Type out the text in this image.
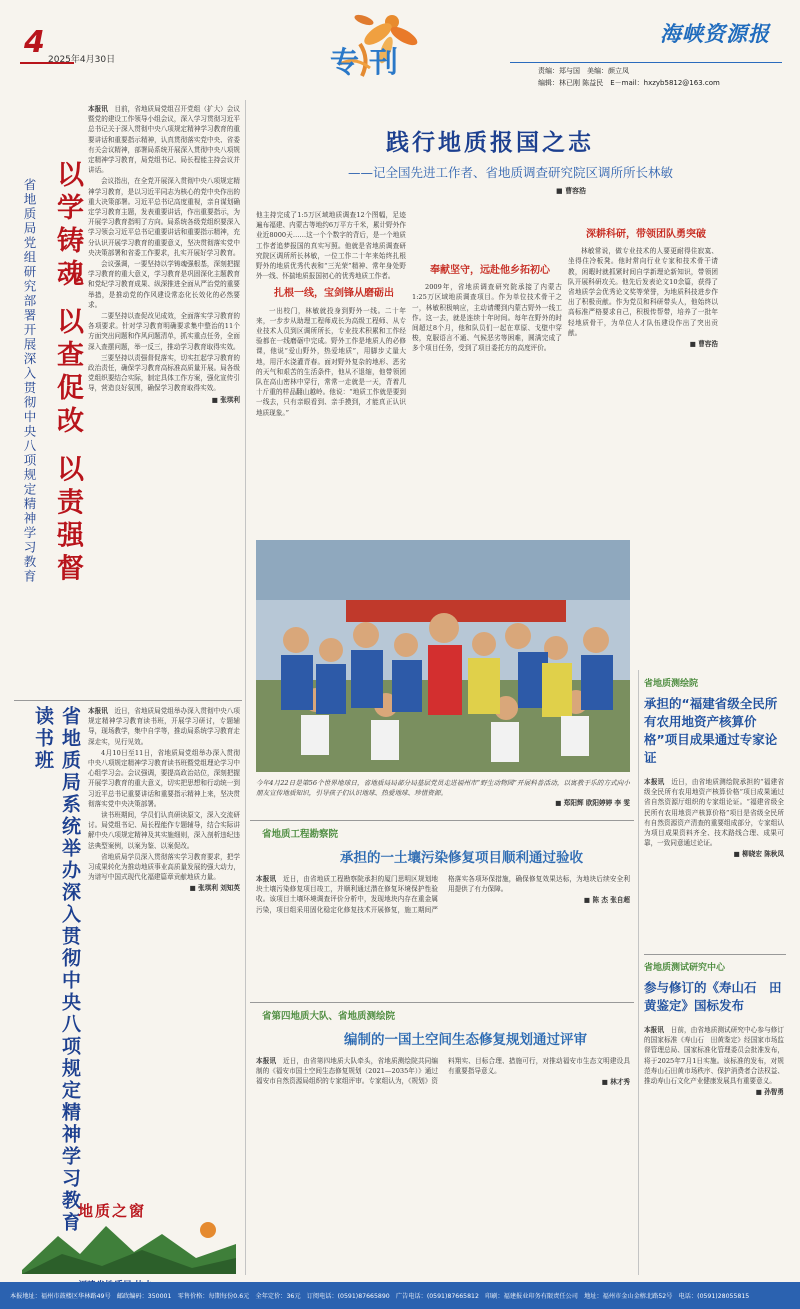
4 2025年4月30日	专刊
海峡资源报
责编：郑与国　美编：颜立凤
编辑：林已刚 陈益民　E－mail：hxzyb5812@163.com

本报讯　 目前，省地质局党组召开党组（扩大）会议暨党的建设工作领导小组会议，深入学习贯彻习近平总书记关于深入贯彻中央八项规定精神学习教育的重要讲话和重要指示精神，认真贯彻落实党中央、省委有关会议精神，部署局系统开展深入贯彻中央八项规定精神学习教育，局党组书记、局长程能主持会议并讲话。

会议指出，在全党开展深入贯彻中央八项规定精神学习教育，是以习近平同志为核心的党中央作出的重大决策部署。习近平总书记高度重视，亲自谋划确定学习教育主题，发表重要讲话，作出重要指示，为开展学习教育指明了方向。局系统各级党组织要深入学习领会习近平总书记重要讲话和重要指示精神，充分认识开展学习教育的重要意义，坚决贯彻落实党中央决策部署和省委工作要求，扎实开展好学习教育。

会议强调，一要坚持以学铸魂强根基，深刻把握学习教育的重大意义，学习教育是巩固深化主题教育和党纪学习教育成果、纵深推进全面从严治党的重要举措，是推动党的作风建设常态化长效化的必然要求。

二要坚持以查促改见成效，全面落实学习教育的各项要求。针对学习教育明确要求集中整治的11个方面突出问题和作风问题清单，抓实重点任务，全面深入查摆问题，举一反三，推动学习教育取得实效。

三要坚持以责强督促落实，切实扛起学习教育的政治责任，确保学习教育高标准高质量开展。局各级党组织要结合实际，制定具体工作方案，强化宣传引导，营造良好氛围，确保学习教育取得实效。

■ 张琪利
以学铸魂 以查促改 以责强督
省地质局党组研究部署开展深入贯彻中央八项规定精神学习教育

本报讯　 近日，省地质局党组举办深入贯彻中央八项规定精神学习教育读书班，开展学习研讨，专题辅导，现场教学，集中自学等，推动局系统学习教育走深走实，见行见效。

4月10日至11日，省地质局党组举办深入贯彻中央八项规定精神学习教育读书班暨党组理论学习中心组学习会。会议强调，要提高政治站位，深刻把握开展学习教育的重大意义，切实把思想和行动统一到习近平总书记重要讲话和重要指示精神上来，坚决贯彻落实党中央决策部署。

读书班期间，学员们认真研读原文，深入交流研讨。局党组书记、局长程能作专题辅导，结合实际讲解中央八项规定精神及其实施细则，深入剖析违纪违法典型案例，以案为鉴、以案促改。

省地质局学员深入贯彻落实学习教育要求，把学习成果转化为推动地质事业高质量发展的强大动力，为谱写中国式现代化福建篇章贡献地质力量。

■ 张琪利 刘知英
省地质局系统举办深入贯彻中央八项规定精神学习教育读书班
地质之窗
践行地质报国之志
——记全国先进工作者、省地质调查研究院区调所所长林敏
■ 曹容浩

他主持完成了1:5万区域地质调查12个图幅，足迹遍布福建、内蒙古等地约6万平方千米，累计野外作业近8000天……这一个个数字的背后，是一个地质工作者追梦报国的真实写照。他就是省地质调查研究院区调所所长林敏，一位工作二十年来始终扎根野外的地质优秀代表和“三光荣”精神、常年身处野外一线、怀揣地质报国初心的优秀地质工作者。

扎根一线，宝剑锋从磨砺出

一出校门，林敏就投身到野外一线。二十年来，一步步从助理工程师成长为高级工程师、从专业技术人员到区调所所长，专业技术积累和工作经验都在一线磨砺中完成。野外工作是地质人的必修课，他说“爱山野外，热爱地质”，用脚步丈量大地，用汗水浇灌青春。面对野外复杂的地形、恶劣的天气和艰苦的生活条件，他从不退缩，他带领团队在高山密林中穿行，常常一走就是一天，背着几十斤重的样品翻山越岭。他说：“地质工作就是要到一线去，只有亲眼看到、亲手摸到，才能真正认识地质现象。”

奉献坚守，远赴他乡拓初心

2009年，省地质调查研究院承接了内蒙古1:25万区域地质调查项目。作为单位技术骨干之一，林敏积极响应，主动请缨到内蒙古野外一线工作。这一去，就是连续十年时间。每年在野外的时间超过8个月，他和队员们一起在草原、戈壁中穿梭，克服语言不通、气候恶劣等困难，圆满完成了多个项目任务，受到了项目委托方的高度评价。

深耕科研，带领团队勇突破

林敏常说，做专业技术的人要更耐得住寂寞、坐得住冷板凳。他时常向行业专家和技术骨干请教，闲暇时就抓紧时间自学新理论新知识，带领团队开展科研攻关。他先后发表论文10余篇，获得了省地质学会优秀论文奖等荣誉，为地质科技进步作出了积极贡献。作为党员和科研带头人，他始终以高标准严格要求自己，积极传帮带，培养了一批年轻地质骨干，为单位人才队伍建设作出了突出贡献。

■ 曹容浩
今年4月22日是第56个世界地球日，省地质局局部分局基层党员走进福州市“野生动物园”开展科普活动，以寓教于乐的方式向小朋友宣传地质知识，引导孩子们认识地球、热爱地球、珍惜资源。
■ 郑阳辉 欧阳婷婷 李 雯
省地质工程勘察院
承担的一土壤污染修复项目顺利通过验收

本报讯　 近日，由省地质工程勘察院承担的厦门思明区规划地块土壤污染修复项目竣工，并顺利通过潜在修复环境保护性验收。该项目土壤环境调查评价分析中，发现地块内存在重金属污染，项目组采用固化稳定化修复技术开展修复，施工期间严格落实各项环保措施，确保修复效果达标，为地块后续安全利用提供了有力保障。

■ 陈 杰 张自超
省第四地质大队、省地质测绘院
编制的一国土空间生态修复规划通过评审

本报讯　 近日，由省第四地质大队牵头，省地质测绘院共同编制的《福安市国土空间生态修复规划（2021—2035年）》通过福安市自然资源局组织的专家组评审。专家组认为，《规划》资料翔实、目标合理、措施可行，对推动福安市生态文明建设具有重要指导意义。

■ 林才秀
省地质测绘院
承担的“福建省级全民所有农用地资产核算价格”项目成果通过专家论证

本报讯　 近日，由省地质测绘院承担的“福建省级全民所有农用地资产核算价格”项目成果通过省自然资源厅组织的专家组论证。“福建省级全民所有农用地资产核算价格”项目是省级全民所有自然资源资产清查的重要组成部分，专家组认为项目成果资料齐全、技术路线合理、成果可靠，一致同意通过论证。

■ 柳晓宏 陈秋凤
省地质测试研究中心
参与修订的《寿山石　田黄鉴定》国标发布

本报讯　 日前，由省地质测试研究中心参与修订的国家标准《寿山石　田黄鉴定》经国家市场监督管理总局、国家标准化管理委员会批准发布，将于2025年7月1日实施。该标准的发布，对规范寿山石田黄市场秩序、保护消费者合法权益、推动寿山石文化产业健康发展具有重要意义。

■ 孙智勇
本报地址：福州市鼓楼区华林路49号　邮政编码：350001　零售价格：每期每份0.6元　全年定价：36元　订阅电话：(0591)87665890　广告电话：(0591)87665812　印刷：福建报业印务有限责任公司　地址：福州市金山金榕北路52号　电话：(0591)28055815
